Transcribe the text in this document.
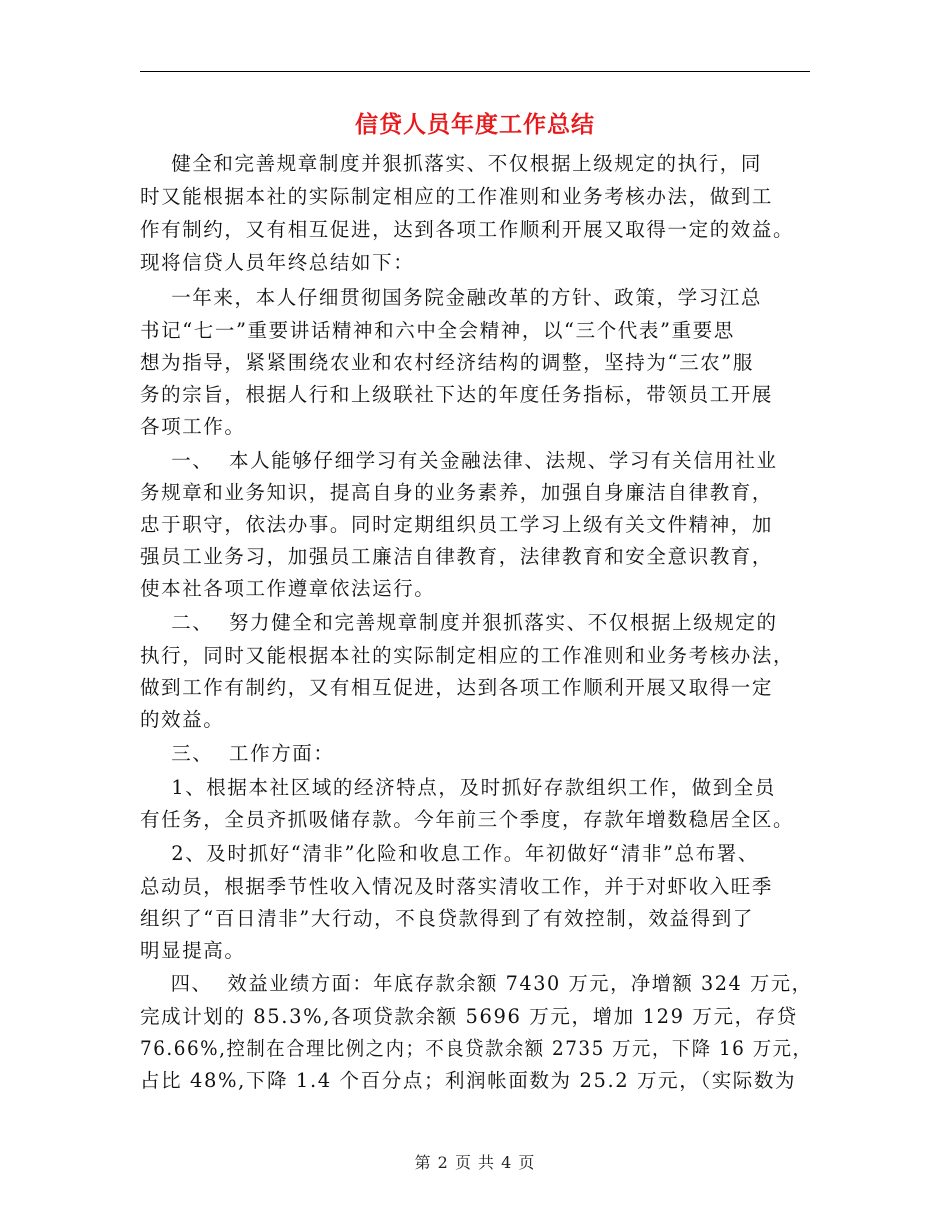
信贷人员年度工作总结
健全和完善规章制度并狠抓落实、不仅根据上级规定的执行，同
时又能根据本社的实际制定相应的工作准则和业务考核办法，做到工
作有制约，又有相互促进，达到各项工作顺利开展又取得一定的效益。
现将信贷人员年终总结如下：
一年来，本人仔细贯彻国务院金融改革的方针、政策，学习江总
书记“七一”重要讲话精神和六中全会精神，以“三个代表”重要思
想为指导，紧紧围绕农业和农村经济结构的调整，坚持为“三农”服
务的宗旨，根据人行和上级联社下达的年度任务指标，带领员工开展
各项工作。
一、  本人能够仔细学习有关金融法律、法规、学习有关信用社业
务规章和业务知识，提高自身的业务素养，加强自身廉洁自律教育，
忠于职守，依法办事。同时定期组织员工学习上级有关文件精神，加
强员工业务习，加强员工廉洁自律教育，法律教育和安全意识教育，
使本社各项工作遵章依法运行。
二、  努力健全和完善规章制度并狠抓落实、不仅根据上级规定的
执行，同时又能根据本社的实际制定相应的工作准则和业务考核办法，
做到工作有制约，又有相互促进，达到各项工作顺利开展又取得一定
的效益。
三、  工作方面：
1、根据本社区域的经济特点，及时抓好存款组织工作，做到全员
有任务，全员齐抓吸储存款。今年前三个季度，存款年增数稳居全区。
2、及时抓好“清非”化险和收息工作。年初做好“清非”总布署、
总动员，根据季节性收入情况及时落实清收工作，并于对虾收入旺季
组织了“百日清非”大行动，不良贷款得到了有效控制，效益得到了
明显提高。
四、  效益业绩方面：年底存款余额 7430 万元，净增额 324 万元，
完成计划的 85.3%,各项贷款余额 5696 万元，增加 129 万元，存贷
76.66%,控制在合理比例之内；不良贷款余额 2735 万元，下降 16 万元，
占比 48%,下降 1.4 个百分点；利润帐面数为 25.2 万元，（实际数为
第 2 页 共 4 页
